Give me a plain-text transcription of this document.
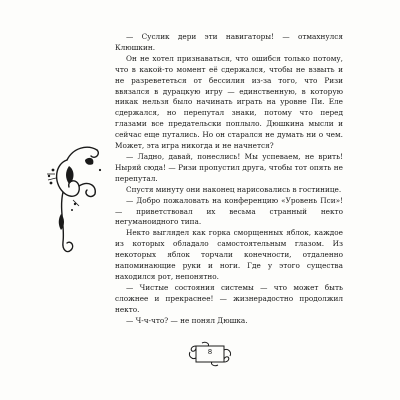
— Суслик дери эти навигаторы! — отмахнулся Клюшкин.

Он не хотел признаваться, что ошибся только потому, что в какой-то момент её сдержался, чтобы не взвыть и не разревететься от бессилия из-за того, что Ризи ввязался в дурацкую игру — единственную, в которую никак нельзя было начинать играть на уровне Пи. Еле сдержался, но перепутал знаки, потому что перед глазами все предательски поплыло. Дюшкина мысли и сейчас еще путались. Но он старался не думать ни о чем. Может, эта игра никогда и не начнется?

— Ладно, давай, понеслись! Мы успеваем, не врить! Ныряй сюда! — Ризи пропустил друга, чтобы тот опять не перепутал.

Спустя минуту они наконец нарисовались в гостинице.

— Добро пожаловать на конференцию «Уровень Пси»! — приветствовал их весьма странный некто негуманоидного типа.

Некто выглядел как горка сморщенных яблок, каждое из которых обладало самостоятельным глазом. Из некоторых яблок торчали конечности, отдаленно напоминающие руки и ноги. Где у этого существа находился рот, непонятно.

— Чистые состояния системы — что может быть сложнее и прекраснее! — жизнерадостно продолжил некто.

— Ч-ч-что? — не понял Дюшка.

8
